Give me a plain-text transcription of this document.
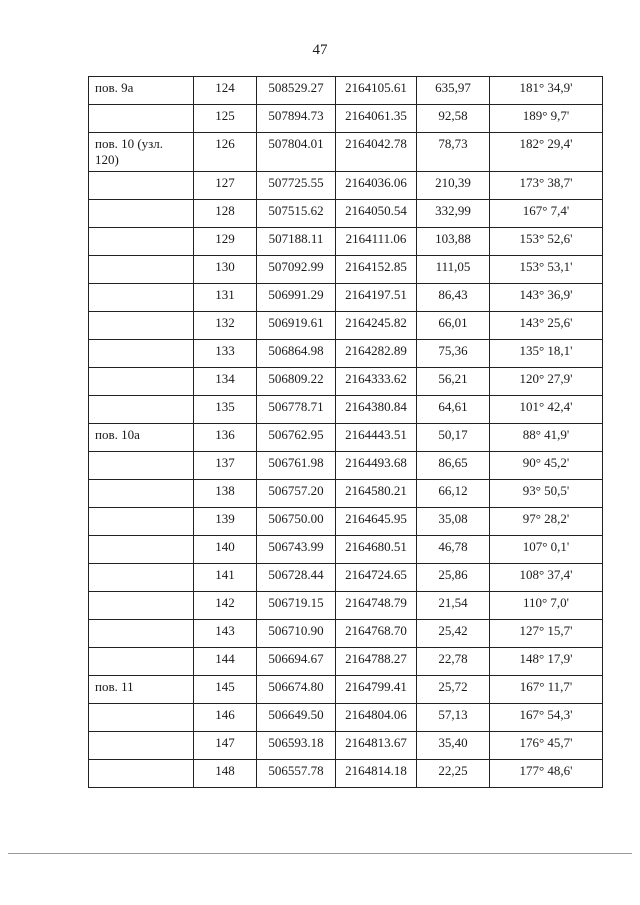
47
пов. 9а	124	508529.27	2164105.61	635,97	181° 34,9'
	125	507894.73	2164061.35	92,58	189° 9,7'
пов. 10 (узл. 120)	126	507804.01	2164042.78	78,73	182° 29,4'
	127	507725.55	2164036.06	210,39	173° 38,7'
	128	507515.62	2164050.54	332,99	167° 7,4'
	129	507188.11	2164111.06	103,88	153° 52,6'
	130	507092.99	2164152.85	111,05	153° 53,1'
	131	506991.29	2164197.51	86,43	143° 36,9'
	132	506919.61	2164245.82	66,01	143° 25,6'
	133	506864.98	2164282.89	75,36	135° 18,1'
	134	506809.22	2164333.62	56,21	120° 27,9'
	135	506778.71	2164380.84	64,61	101° 42,4'
пов. 10а	136	506762.95	2164443.51	50,17	88° 41,9'
	137	506761.98	2164493.68	86,65	90° 45,2'
	138	506757.20	2164580.21	66,12	93° 50,5'
	139	506750.00	2164645.95	35,08	97° 28,2'
	140	506743.99	2164680.51	46,78	107° 0,1'
	141	506728.44	2164724.65	25,86	108° 37,4'
	142	506719.15	2164748.79	21,54	110° 7,0'
	143	506710.90	2164768.70	25,42	127° 15,7'
	144	506694.67	2164788.27	22,78	148° 17,9'
пов. 11	145	506674.80	2164799.41	25,72	167° 11,7'
	146	506649.50	2164804.06	57,13	167° 54,3'
	147	506593.18	2164813.67	35,40	176° 45,7'
	148	506557.78	2164814.18	22,25	177° 48,6'
